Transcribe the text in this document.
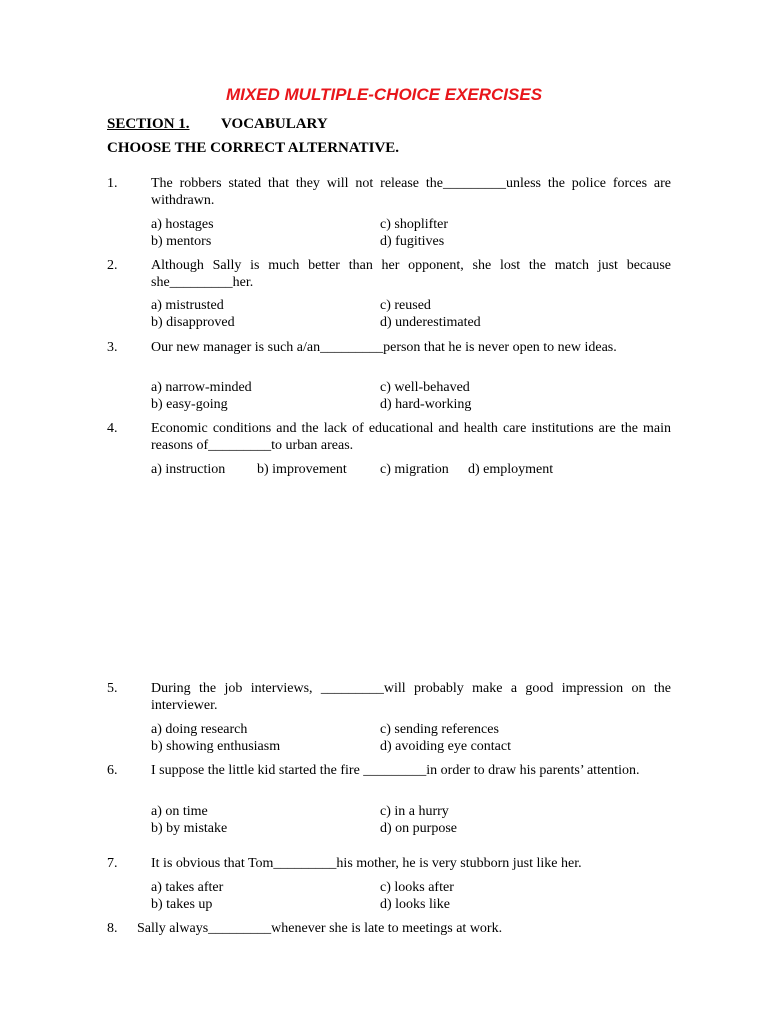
MIXED MULTIPLE-CHOICE EXERCISES
SECTION 1. VOCABULARY
CHOOSE THE CORRECT ALTERNATIVE.
1. The robbers stated that they will not release the_________unless the police forces are withdrawn.
a) hostages
b) mentors
c) shoplifter
d) fugitives
2. Although Sally is much better than her opponent, she lost the match just because she_________her.
a) mistrusted
b) disapproved
c) reused
d) underestimated
3. Our new manager is such a/an_________person that he is never open to new ideas.
a) narrow-minded
b) easy-going
c) well-behaved
d) hard-working
4. Economic conditions and the lack of educational and health care institutions are the main reasons of_________to urban areas.
a) instruction b) improvement c) migration d) employment
5. During the job interviews, _________will probably make a good impression on the interviewer.
a) doing research
b) showing enthusiasm
c) sending references
d) avoiding eye contact
6. I suppose the little kid started the fire _________in order to draw his parents’ attention.
a) on time
b) by mistake
c) in a hurry
d) on purpose
7. It is obvious that Tom_________his mother, he is very stubborn just like her.
a) takes after
b) takes up
c) looks after
d) looks like
8. Sally always_________whenever she is late to meetings at work.
